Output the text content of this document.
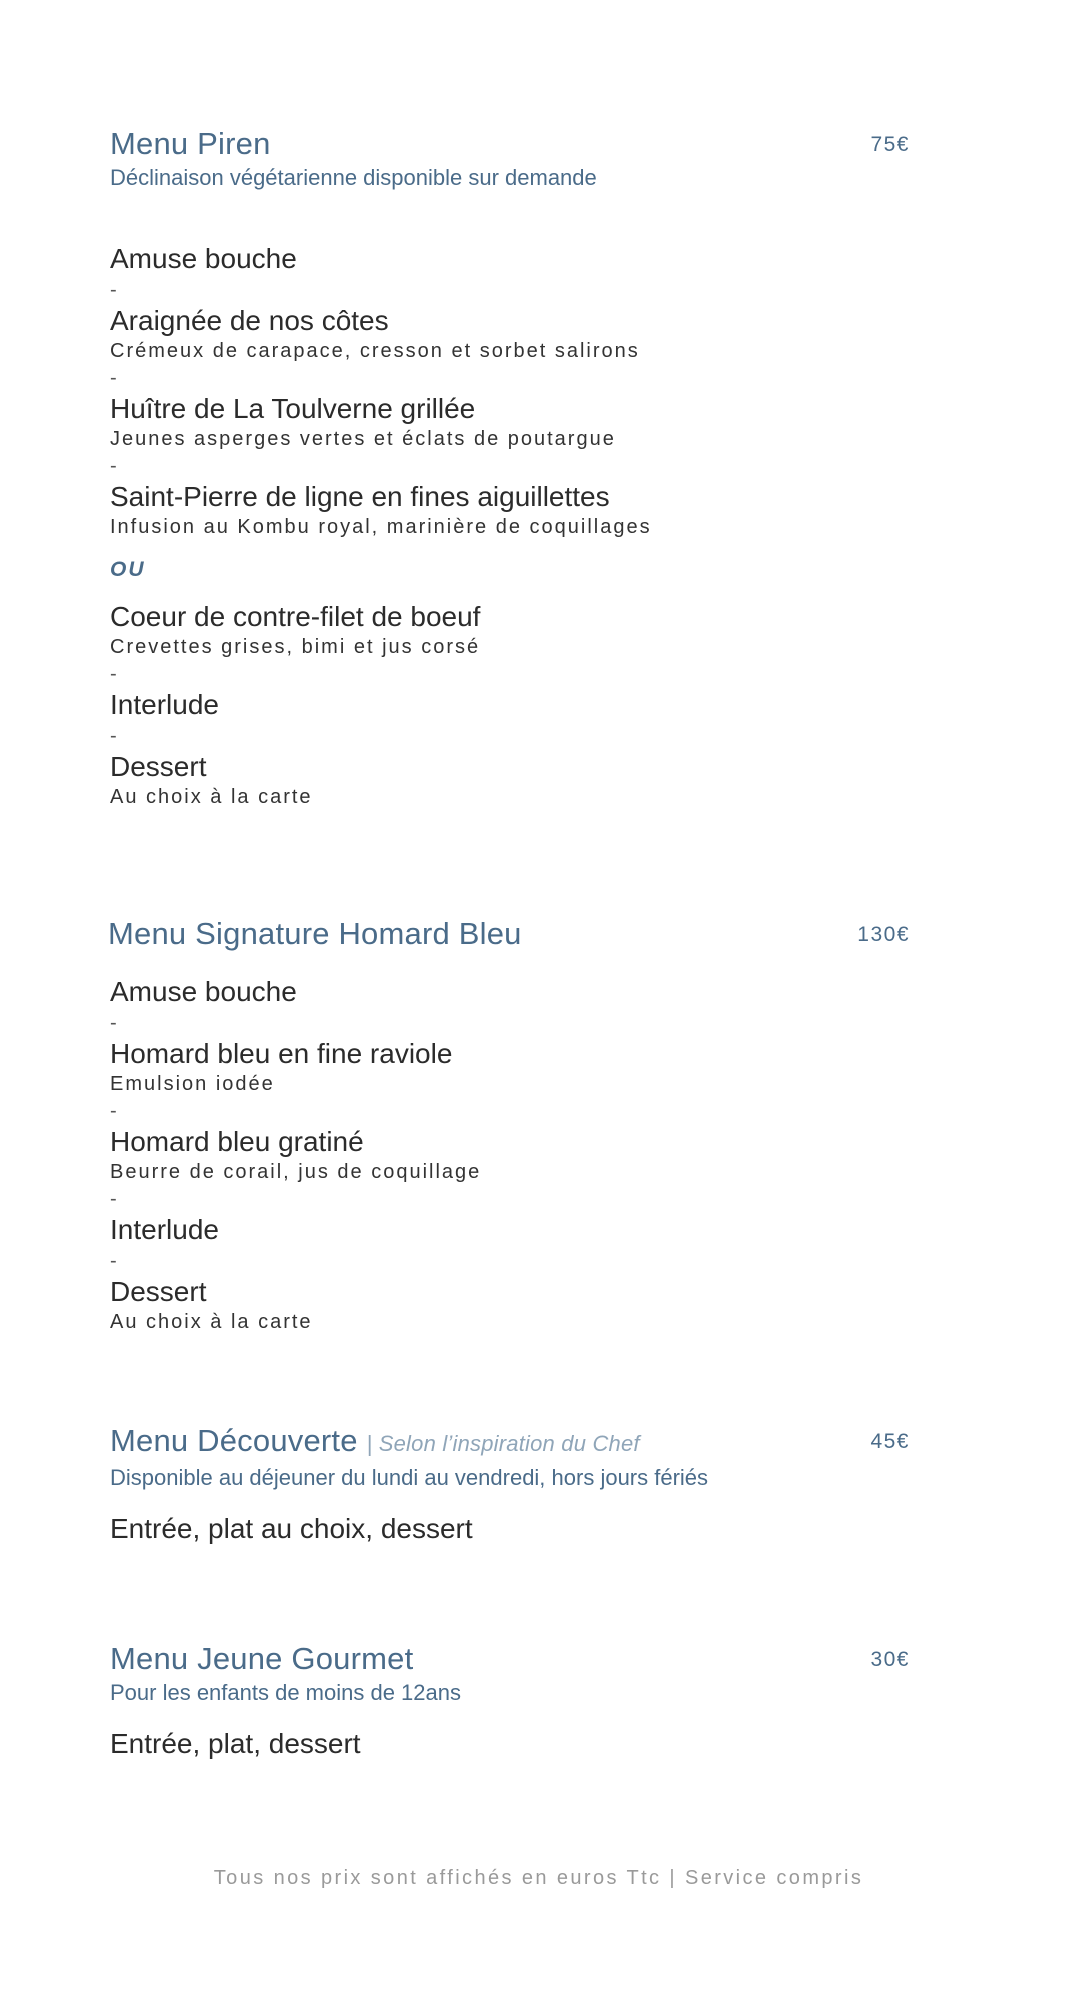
Menu Piren	75€
Déclinaison végétarienne disponible sur demande
Amuse bouche
-
Araignée de nos côtes
Crémeux de carapace, cresson et sorbet salirons
-
Huître de La Toulverne grillée
Jeunes asperges vertes et éclats de poutargue
-
Saint-Pierre de ligne en fines aiguillettes
Infusion au Kombu royal, marinière de coquillages
OU
Coeur de contre-filet de boeuf
Crevettes grises, bimi et jus corsé
-
Interlude
-
Dessert
Au choix à la carte
Menu Signature Homard Bleu	130€
Amuse bouche
-
Homard bleu en fine raviole
Emulsion iodée
-
Homard bleu gratiné
Beurre de corail, jus de coquillage
-
Interlude
-
Dessert
Au choix à la carte
Menu Découverte | Selon l’inspiration du Chef	45€
Disponible au déjeuner du lundi au vendredi, hors jours fériés
Entrée, plat au choix, dessert
Menu Jeune Gourmet	30€
Pour les enfants de moins de 12ans
Entrée, plat, dessert
Tous nos prix sont affichés en euros Ttc | Service compris
